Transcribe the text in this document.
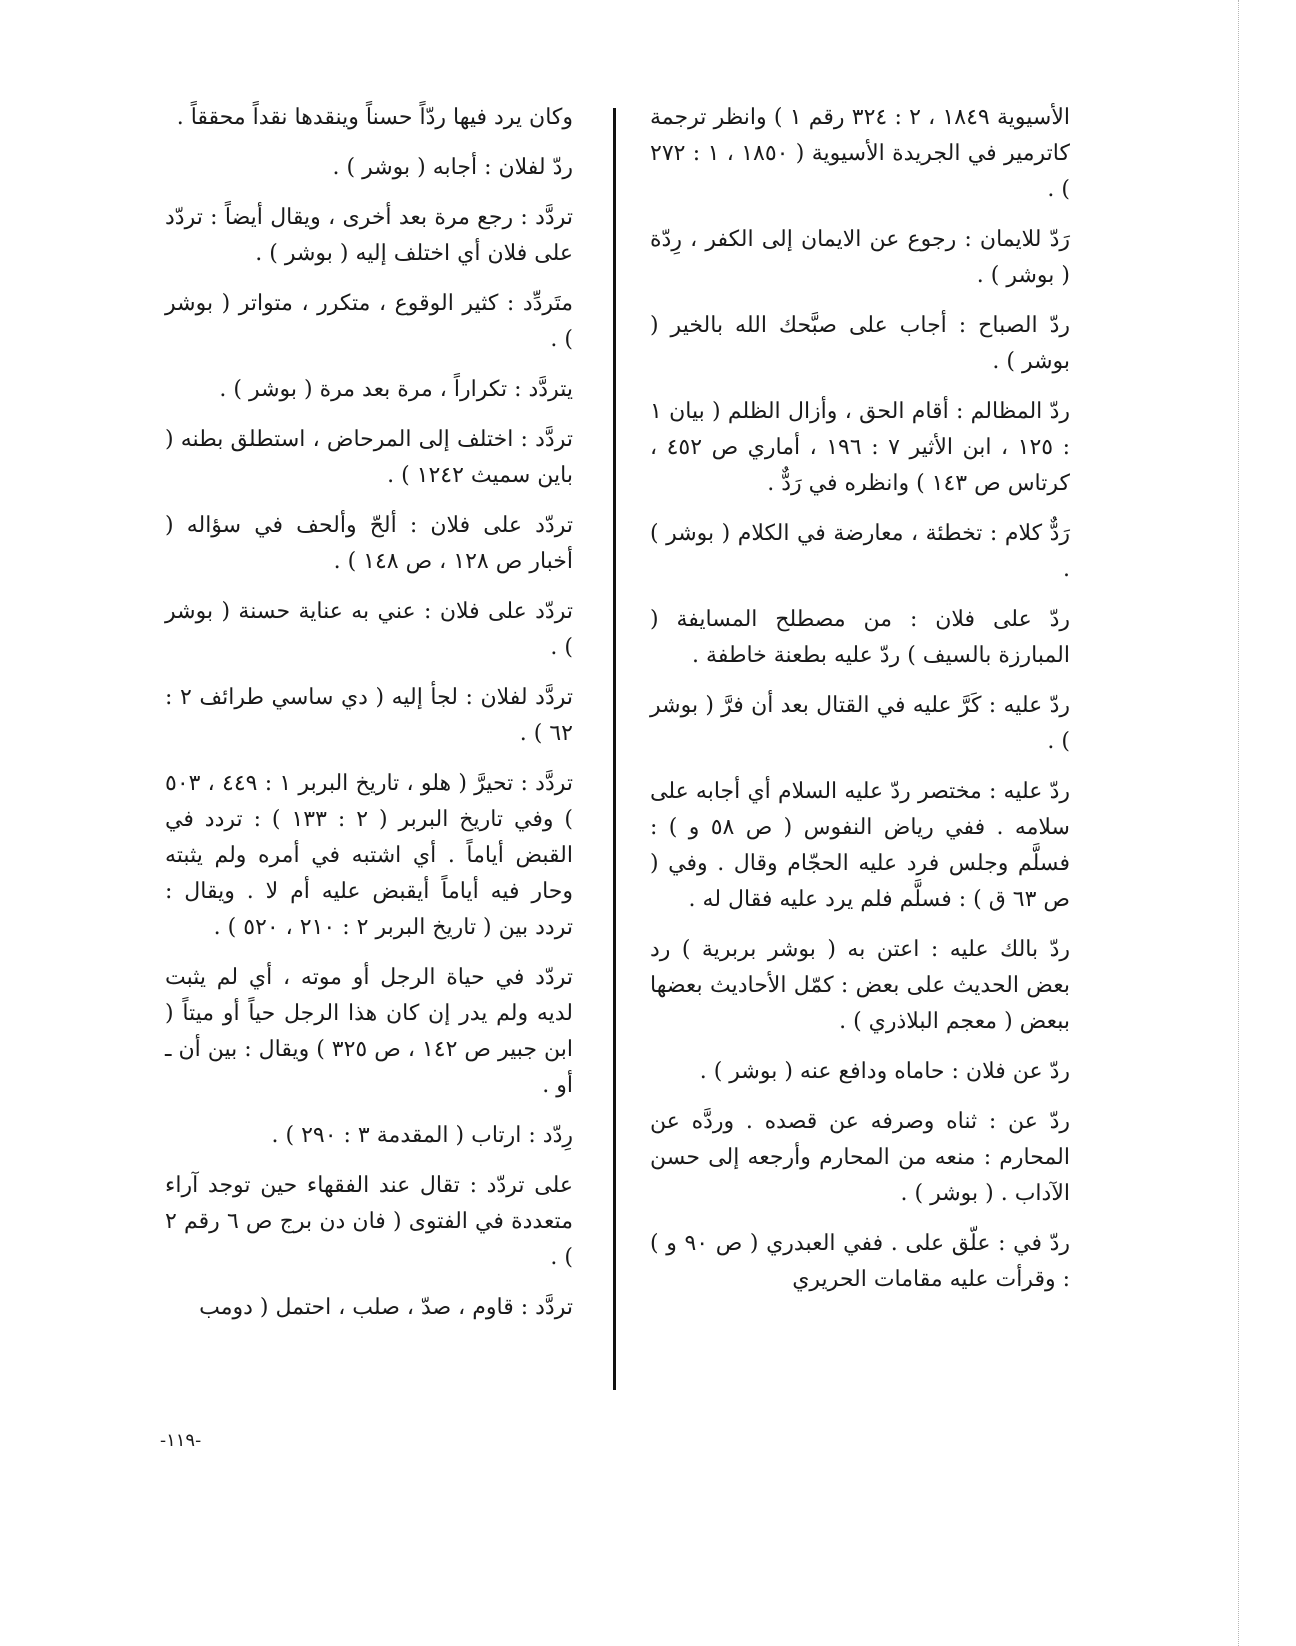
الأسيوية ١٨٤٩ ، ٢ : ٣٢٤ رقم ١ ) وانظر ترجمة كاترمير في الجريدة الأسيوية ( ١٨٥٠ ، ١ : ٢٧٢ ) .

رَدّ للايمان : رجوع عن الايمان إلى الكفر ، رِدّة ( بوشر ) .

ردّ الصباح : أجاب على صبَّحك الله بالخير ( بوشر ) .

ردّ المظالم : أقام الحق ، وأزال الظلم ( بيان ١ : ١٢٥ ، ابن الأثير ٧ : ١٩٦ ، أماري ص ٤٥٢ ، كرتاس ص ١٤٣ ) وانظره في رَدٌّ .

رَدٌّ كلام : تخطئة ، معارضة في الكلام ( بوشر ) .

ردّ على فلان : من مصطلح المسايفة ( المبارزة بالسيف ) ردّ عليه بطعنة خاطفة .

ردّ عليه : كَرَّ عليه في القتال بعد أن فرَّ ( بوشر ) .

ردّ عليه : مختصر ردّ عليه السلام أي أجابه على سلامه . ففي رياض النفوس ( ص ٥٨ و ) : فسلَّم وجلس فرد عليه الحجّام وقال . وفي ( ص ٦٣ ق ) : فسلَّم فلم يرد عليه فقال له .

ردّ بالك عليه : اعتن به ( بوشر بربرية ) رد بعض الحديث على بعض : كمّل الأحاديث بعضها ببعض ( معجم البلاذري ) .

ردّ عن فلان : حاماه ودافع عنه ( بوشر ) .

ردّ عن : ثناه وصرفه عن قصده . وردَّه عن المحارم : منعه من المحارم وأرجعه إلى حسن الآداب . ( بوشر ) .

ردّ في : علّق على . ففي العبدري ( ص ٩٠ و ) : وقرأت عليه مقامات الحريري

وكان يرد فيها ردّاً حسناً وينقدها نقداً محققاً .

ردّ لفلان : أجابه ( بوشر ) .

تردَّد : رجع مرة بعد أخرى ، ويقال أيضاً : تردّد على فلان أي اختلف إليه ( بوشر ) .

متَردِّد : كثير الوقوع ، متكرر ، متواتر ( بوشر ) .

يتردَّد : تكراراً ، مرة بعد مرة ( بوشر ) .

تردَّد : اختلف إلى المرحاض ، استطلق بطنه ( باين سميث ١٢٤٢ ) .

تردّد على فلان : ألحّ وألحف في سؤاله ( أخبار ص ١٢٨ ، ص ١٤٨ ) .

تردّد على فلان : عني به عناية حسنة ( بوشر ) .

تردَّد لفلان : لجأ إليه ( دي ساسي طرائف ٢ : ٦٢ ) .

تردَّد : تحيرَّ ( هلو ، تاريخ البربر ١ : ٤٤٩ ، ٥٠٣ ) وفي تاريخ البربر ( ٢ : ١٣٣ ) : تردد في القبض أياماً . أي اشتبه في أمره ولم يثبته وحار فيه أياماً أيقبض عليه أم لا . ويقال : تردد بين ( تاريخ البربر ٢ : ٢١٠ ، ٥٢٠ ) .

تردّد في حياة الرجل أو موته ، أي لم يثبت لديه ولم يدر إن كان هذا الرجل حياً أو ميتاً ( ابن جبير ص ١٤٢ ، ص ٣٢٥ ) ويقال : بين أن ـ أو .

رِدّد : ارتاب ( المقدمة ٣ : ٢٩٠ ) .

على تردّد : تقال عند الفقهاء حين توجد آراء متعددة في الفتوى ( فان دن برج ص ٦ رقم ٢ ) .

تردَّد : قاوم ، صدّ ، صلب ، احتمل ( دومب

-١١٩-
